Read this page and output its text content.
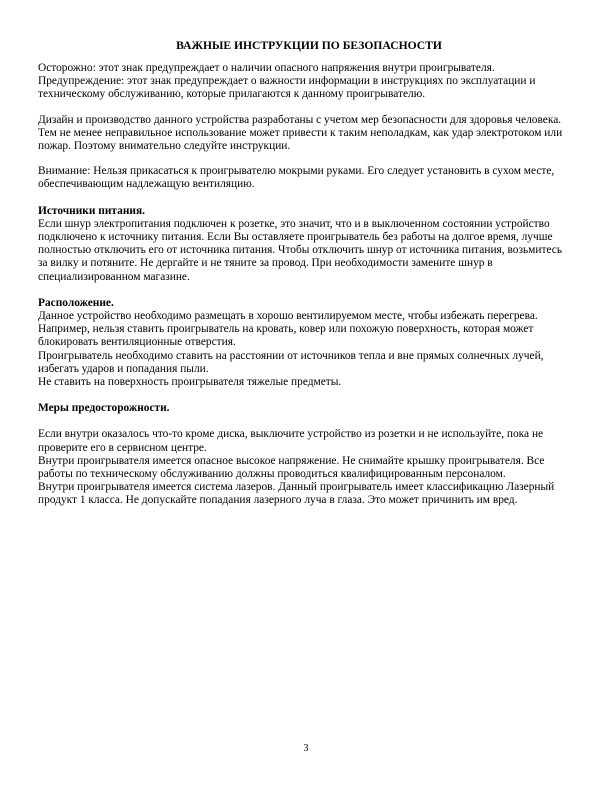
ВАЖНЫЕ ИНСТРУКЦИИ ПО БЕЗОПАСНОСТИ

Осторожно: этот знак предупреждает о наличии опасного напряжения внутри проигрывателя.

Предупреждение: этот знак предупреждает о важности информации в инструкциях по эксплуатации и техническому обслуживанию, которые прилагаются к данному проигрывателю.

Дизайн и производство данного устройства разработаны с учетом мер безопасности для здоровья человека. Тем не менее неправильное использование может привести к таким неполадкам, как удар электротоком или пожар. Поэтому внимательно следуйте инструкции.

Внимание: Нельзя прикасаться к проигрывателю мокрыми руками. Его следует установить в сухом месте, обеспечивающим надлежащую вентиляцию.

Источники питания.

Если шнур электропитания подключен к розетке, это значит, что и в выключенном состоянии устройство подключено к источнику питания. Если Вы оставляете проигрыватель без работы на долгое время, лучше полностью отключить его от источника питания. Чтобы отключить шнур от источника питания, возьмитесь за вилку и потяните. Не дергайте и не тяните за провод. При необходимости замените шнур в специализированном магазине.

Расположение.

Данное устройство необходимо размещать в хорошо вентилируемом месте, чтобы избежать перегрева. Например, нельзя ставить проигрыватель на кровать, ковер или похожую поверхность, которая может блокировать вентиляционные отверстия.

Проигрыватель необходимо ставить на расстоянии от источников тепла и вне прямых солнечных лучей, избегать ударов и попадания пыли.

Не ставить на поверхность проигрывателя тяжелые предметы.

Меры предосторожности.

Если внутри оказалось что-то кроме диска, выключите устройство из розетки и не используйте, пока не проверите его в сервисном центре.

Внутри проигрывателя имеется опасное высокое напряжение. Не снимайте крышку проигрывателя. Все работы по техническому обслуживанию должны проводиться квалифицированным персоналом.

Внутри проигрывателя имеется система лазеров. Данный проигрыватель имеет классификацию Лазерный продукт 1 класса. Не допускайте попадания лазерного луча в глаза. Это может причинить им вред.

3
